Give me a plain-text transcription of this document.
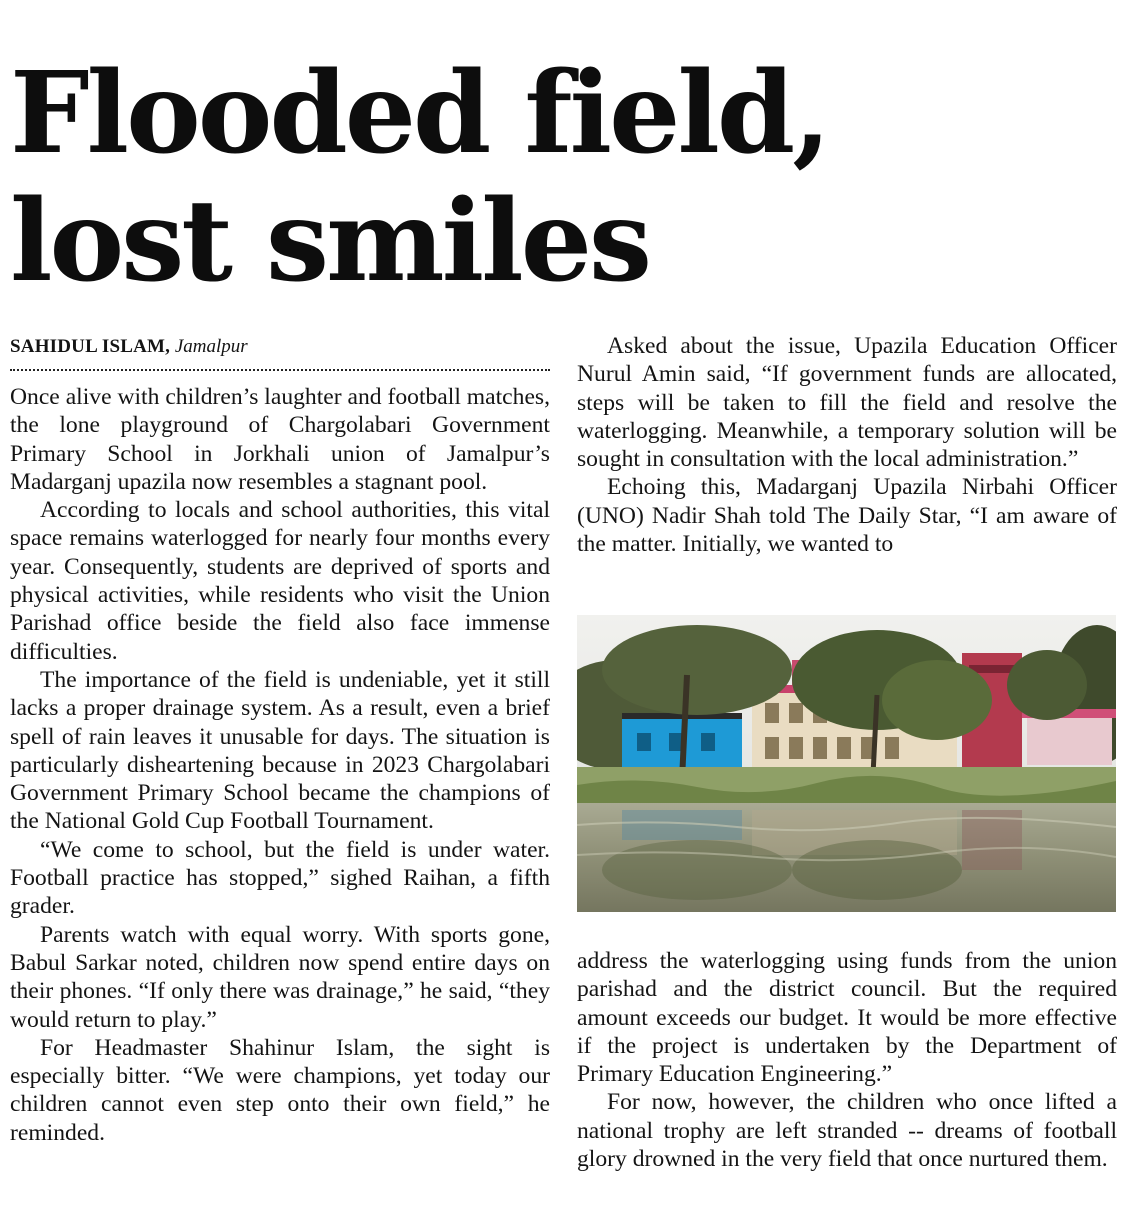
Flooded field,
lost smiles
SAHIDUL ISLAM, Jamalpur

Once alive with children’s laughter and football matches, the lone playground of Chargolabari Government Primary School in Jorkhali union of Jamalpur’s Madarganj upazila now resembles a stagnant pool.

According to locals and school authorities, this vital space remains waterlogged for nearly four months every year. Consequently, students are deprived of sports and physical activities, while residents who visit the Union Parishad office beside the field also face immense difficulties.

The importance of the field is undeniable, yet it still lacks a proper drainage system. As a result, even a brief spell of rain leaves it unusable for days. The situation is particularly disheartening because in 2023 Chargolabari Government Primary School became the champions of the National Gold Cup Football Tournament.

“We come to school, but the field is under water. Football practice has stopped,” sighed Raihan, a fifth grader.

Parents watch with equal worry. With sports gone, Babul Sarkar noted, children now spend entire days on their phones. “If only there was drainage,” he said, “they would return to play.”

For Headmaster Shahinur Islam, the sight is especially bitter. “We were champions, yet today our children cannot even step onto their own field,” he reminded.

Asked about the issue, Upazila Education Officer Nurul Amin said, “If government funds are allocated, steps will be taken to fill the field and resolve the waterlogging. Meanwhile, a temporary solution will be sought in consultation with the local administration.”

Echoing this, Madarganj Upazila Nirbahi Officer (UNO) Nadir Shah told The Daily Star, “I am aware of the matter. Initially, we wanted to

address the waterlogging using funds from the union parishad and the district council. But the required amount exceeds our budget. It would be more effective if the project is undertaken by the Department of Primary Education Engineering.”

For now, however, the children who once lifted a national trophy are left stranded -- dreams of football glory drowned in the very field that once nurtured them.
